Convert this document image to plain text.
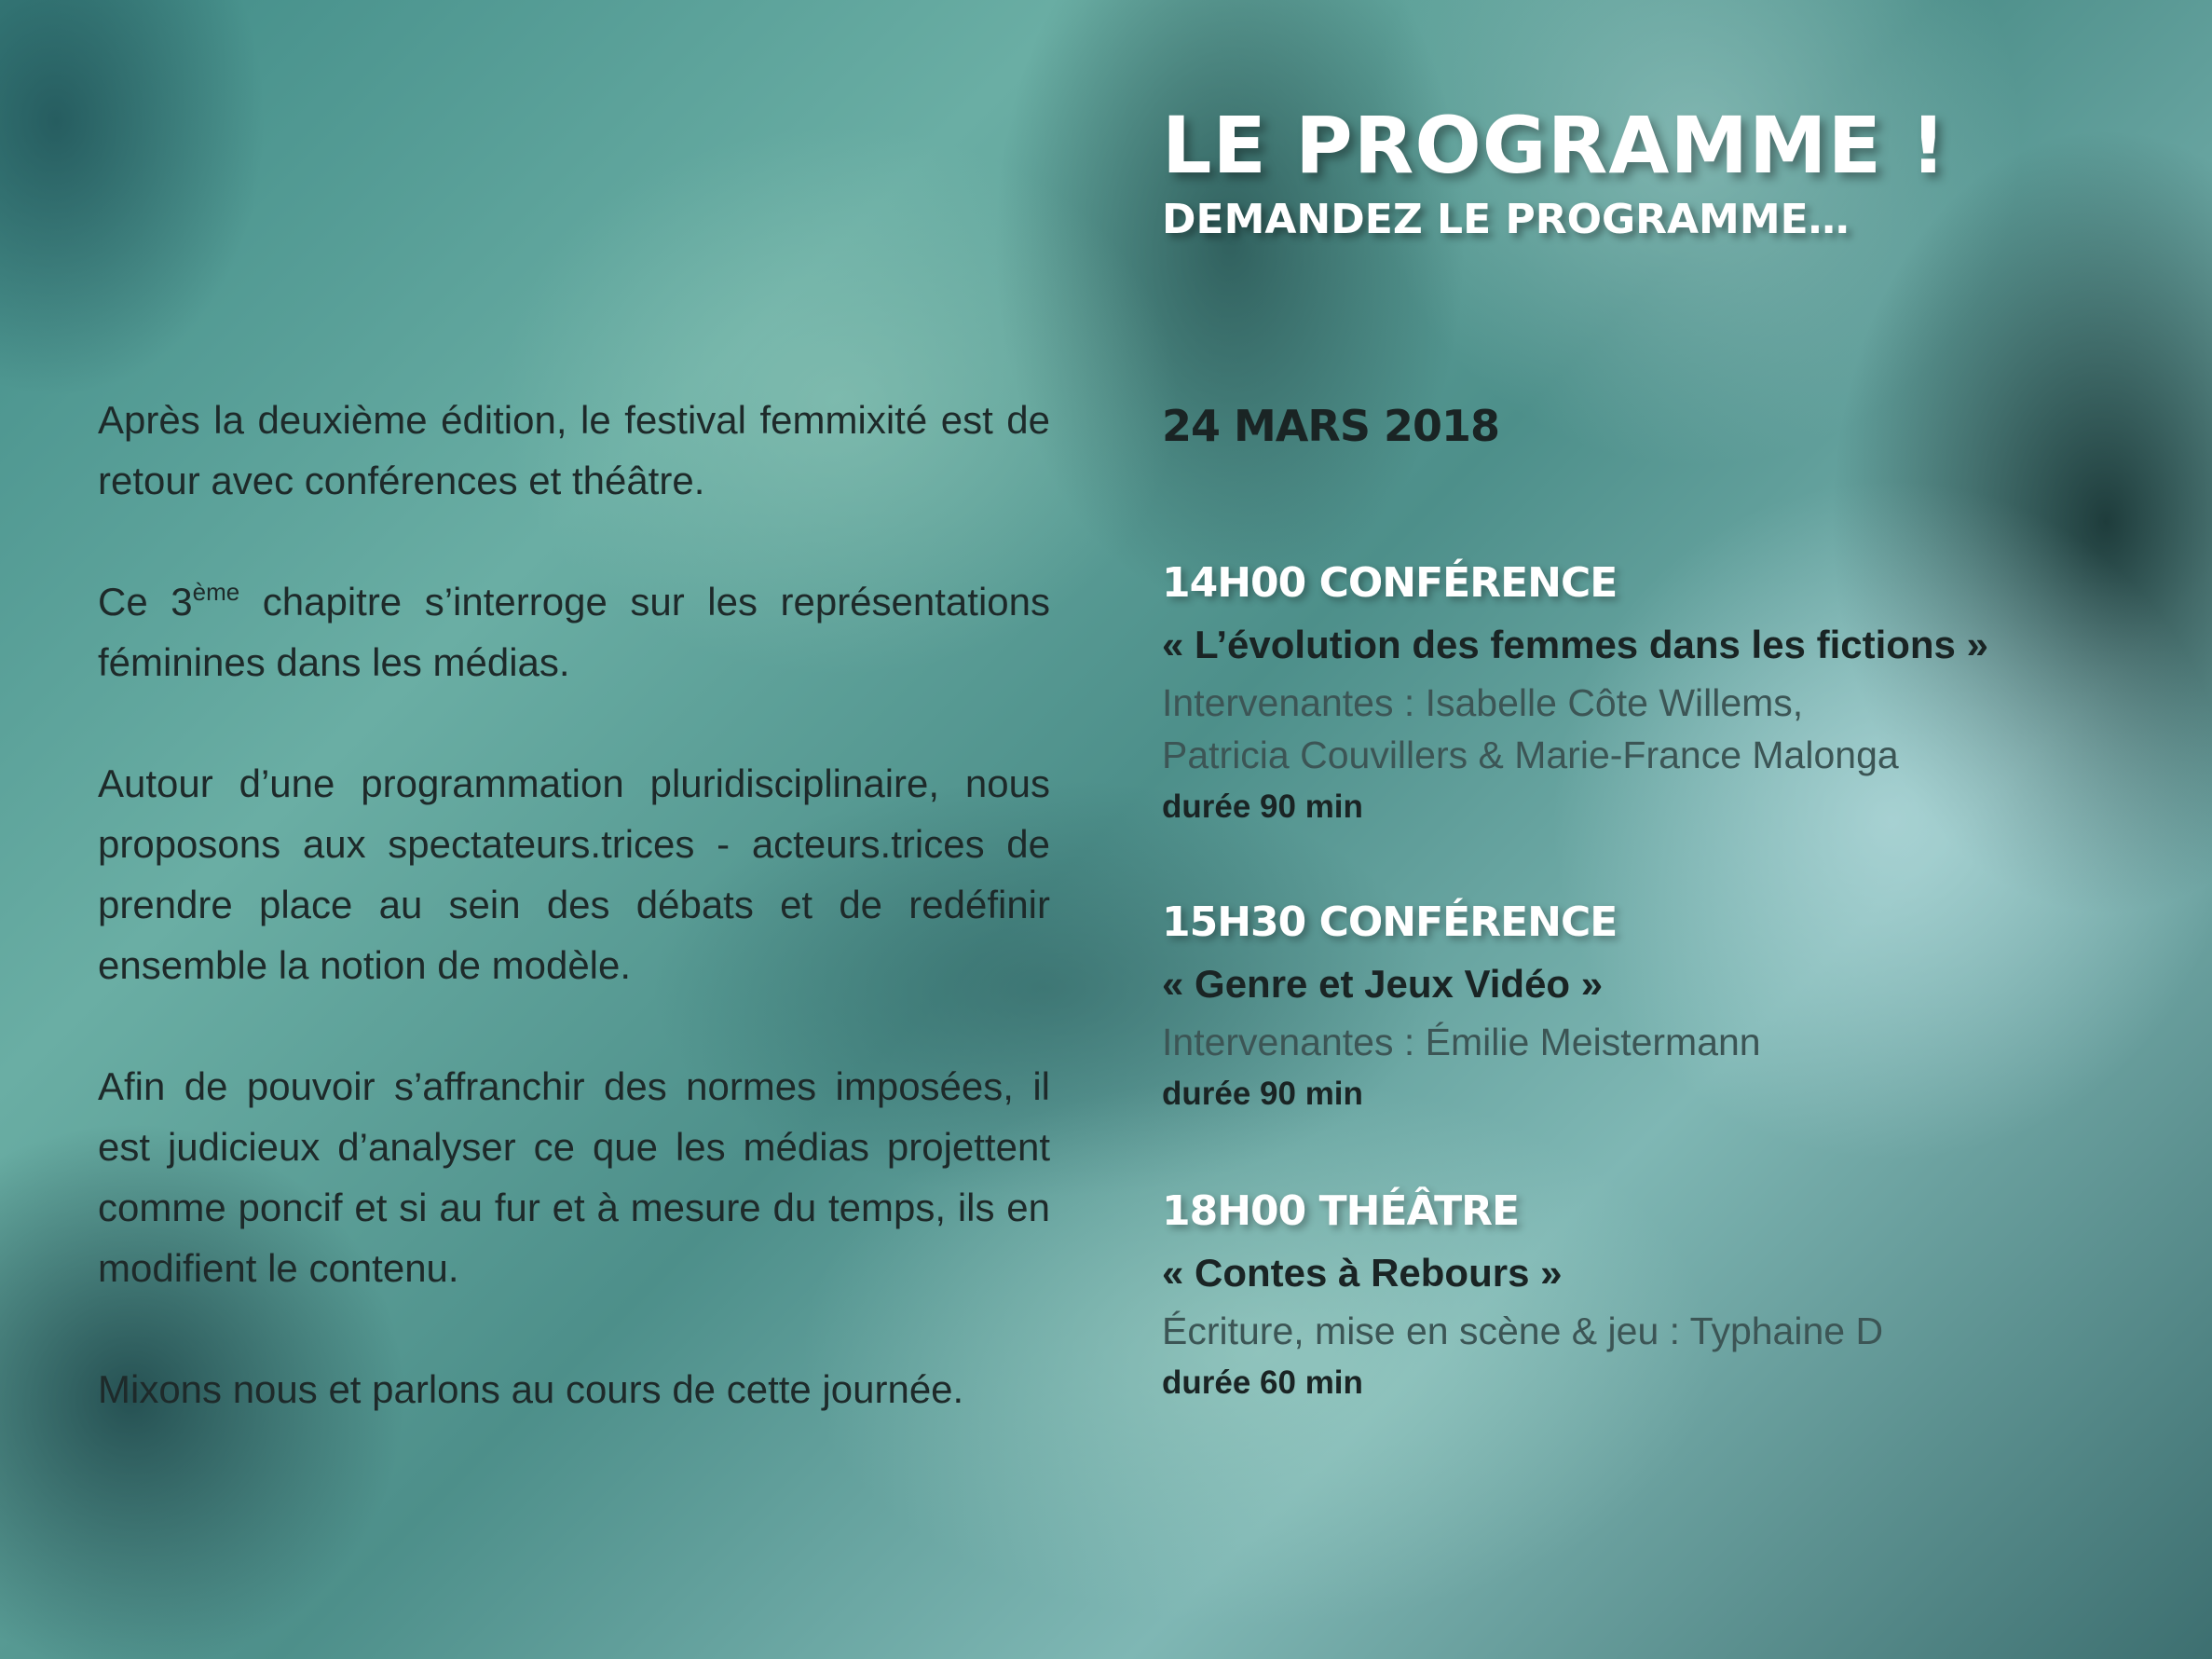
Après la deuxième édition, le festival femmixité est de retour avec conférences et théâtre.

Ce 3ème chapitre s’interroge sur les représentations féminines dans les médias.

Autour d’une programmation pluridisciplinaire, nous proposons aux spectateurs.trices - acteurs.trices de prendre place au sein des débats et de redéfinir ensemble la notion de modèle.

Afin de pouvoir s’affranchir des normes imposées, il est judicieux d’analyser ce que les médias projettent comme poncif et si au fur et à mesure du temps, ils en modifient le contenu.

Mixons nous et parlons au cours de cette journée.

LE PROGRAMME !
DEMANDEZ LE PROGRAMME…
24 MARS 2018
14H00 CONFÉRENCE

« L’évolution des femmes dans les fictions »

Intervenantes : Isabelle Côte Willems,
Patricia Couvillers & Marie-France Malonga

durée 90 min

15H30 CONFÉRENCE

« Genre et Jeux Vidéo »

Intervenantes : Émilie Meistermann

durée 90 min

18H00 THÉÂTRE

« Contes à Rebours »

Écriture, mise en scène & jeu : Typhaine D

durée 60 min
